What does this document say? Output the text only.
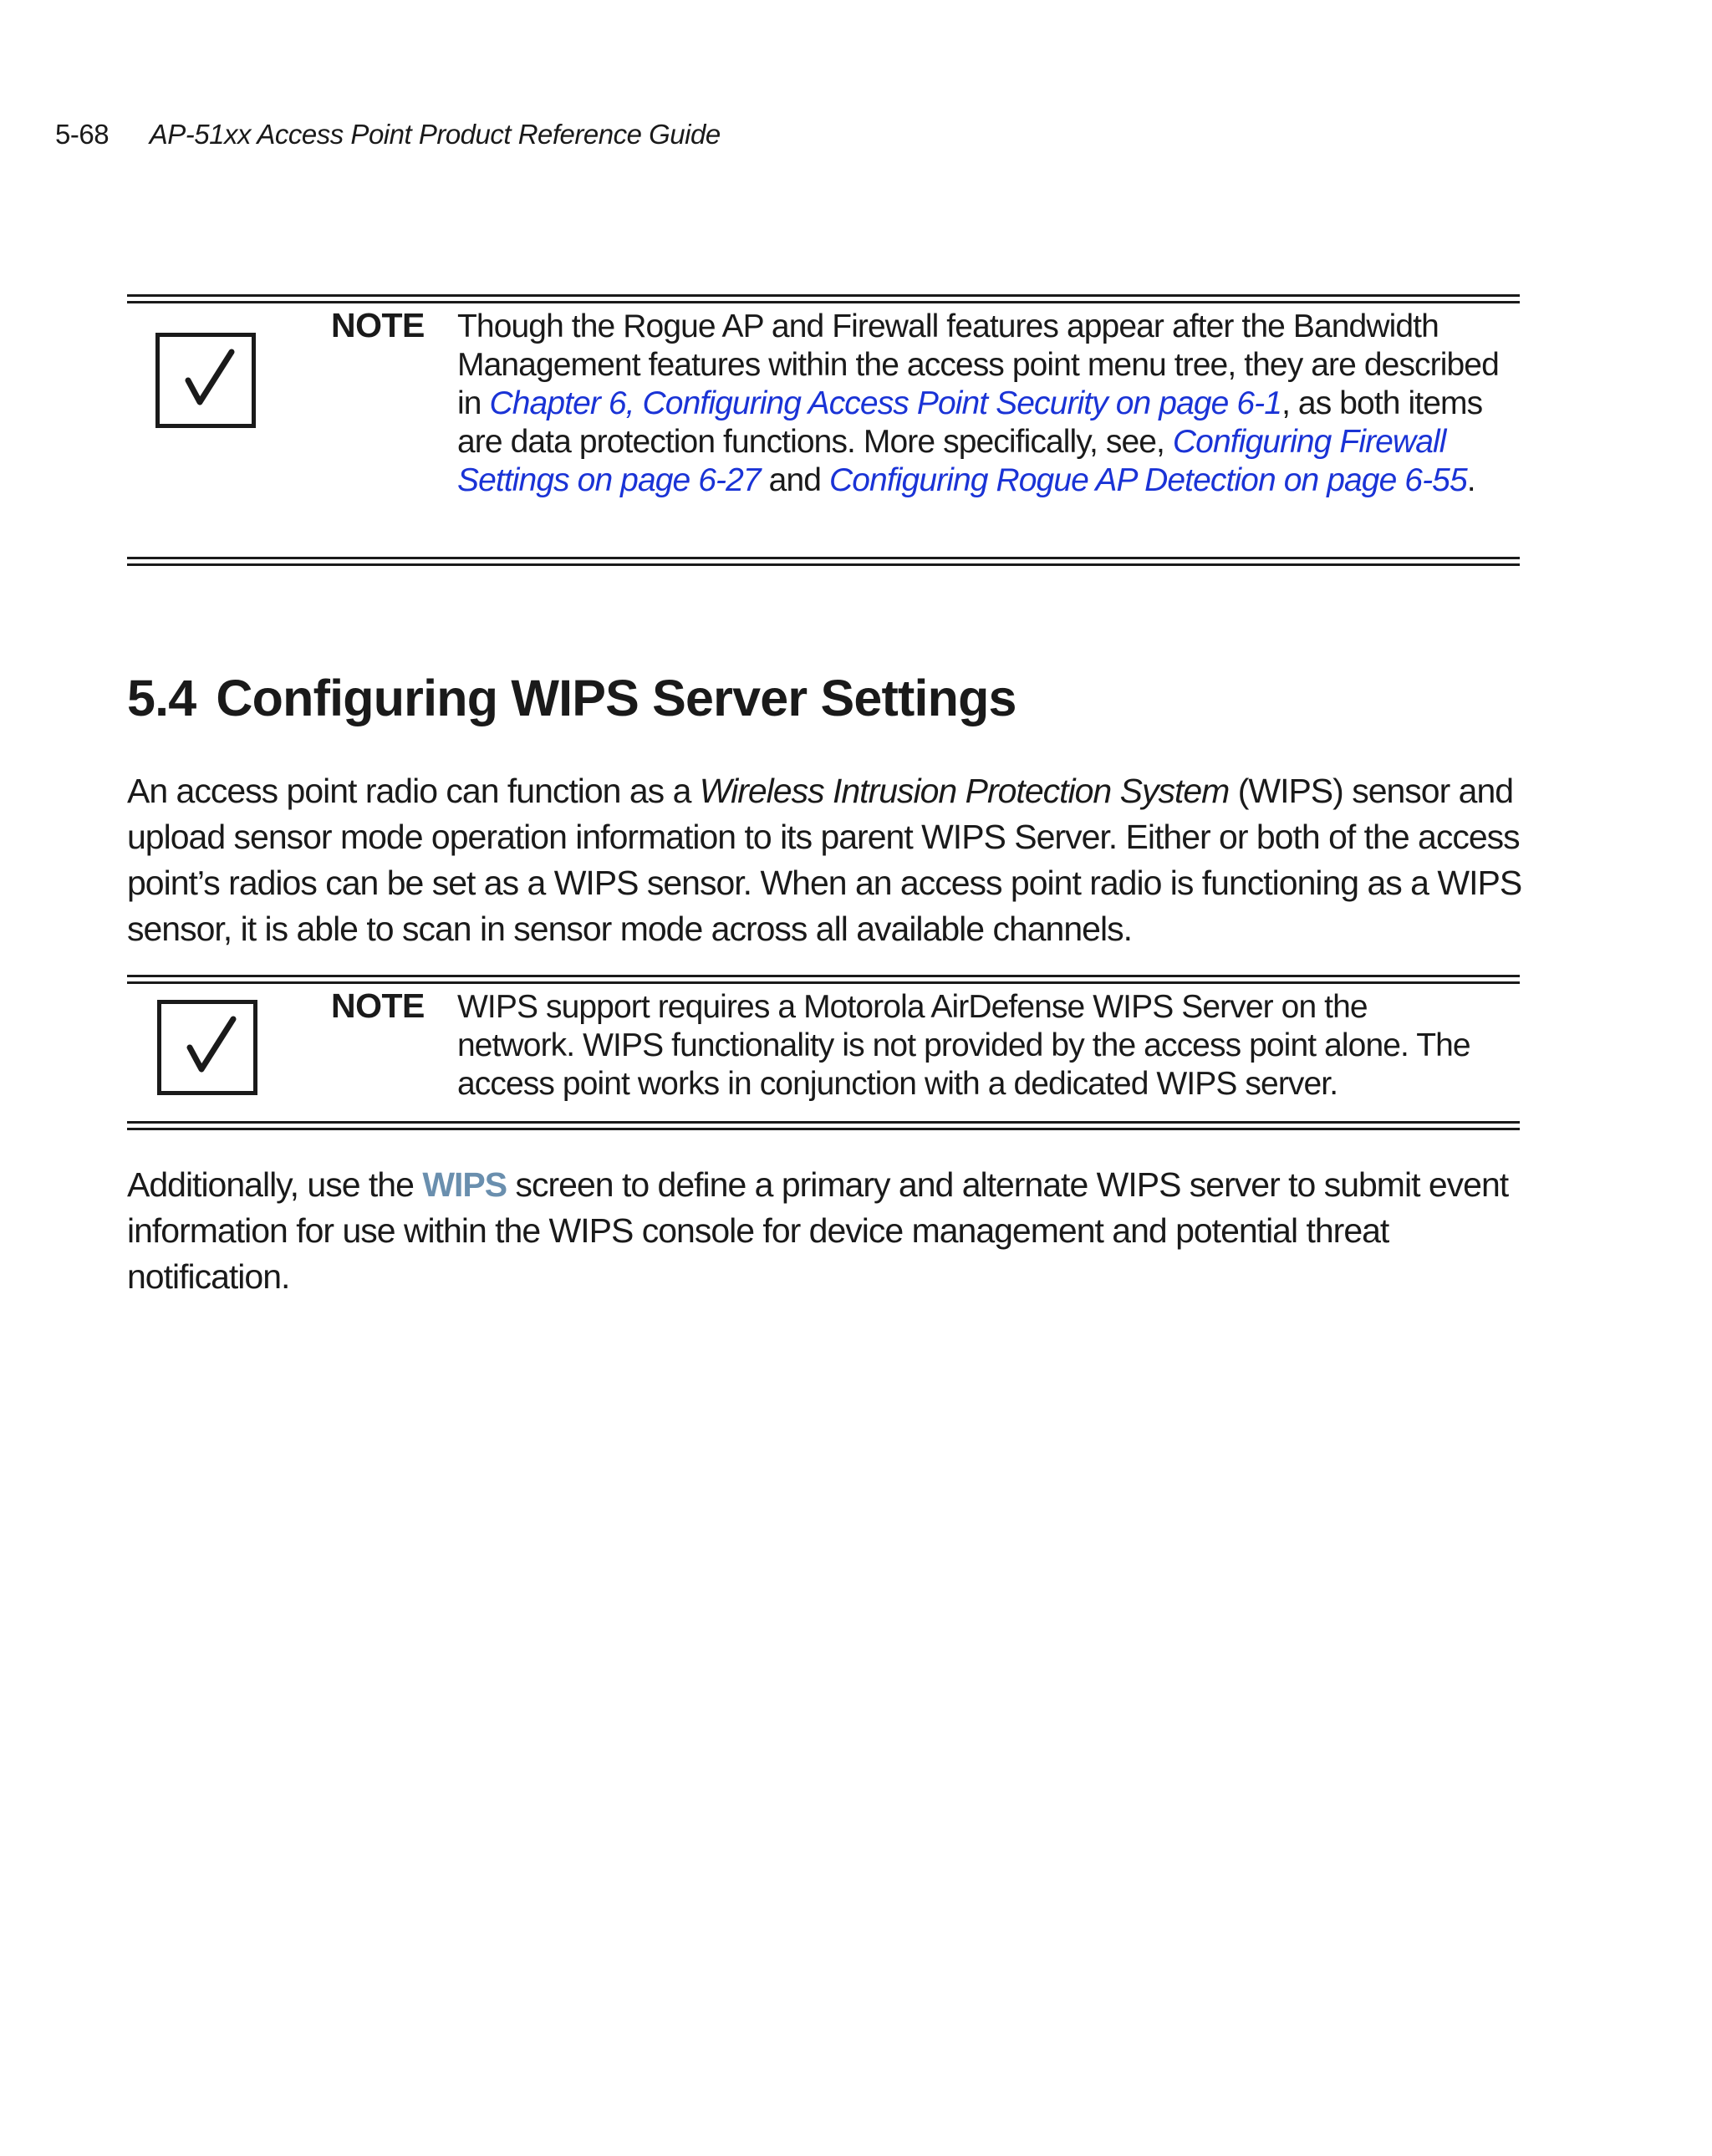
5-68 AP-51xx Access Point Product Reference Guide
NOTE Though the Rogue AP and Firewall features appear after the Bandwidth Management features within the access point menu tree, they are described in Chapter 6, Configuring Access Point Security on page 6-1, as both items are data protection functions. More specifically, see, Configuring Firewall Settings on page 6-27 and Configuring Rogue AP Detection on page 6-55.
5.4 Configuring WIPS Server Settings

An access point radio can function as a Wireless Intrusion Protection System (WIPS) sensor and upload sensor mode operation information to its parent WIPS Server. Either or both of the access point’s radios can be set as a WIPS sensor. When an access point radio is functioning as a WIPS sensor, it is able to scan in sensor mode across all available channels.

NOTE WIPS support requires a Motorola AirDefense WIPS Server on the network. WIPS functionality is not provided by the access point alone. The access point works in conjunction with a dedicated WIPS server.

Additionally, use the WIPS screen to define a primary and alternate WIPS server to submit event information for use within the WIPS console for device management and potential threat notification.
